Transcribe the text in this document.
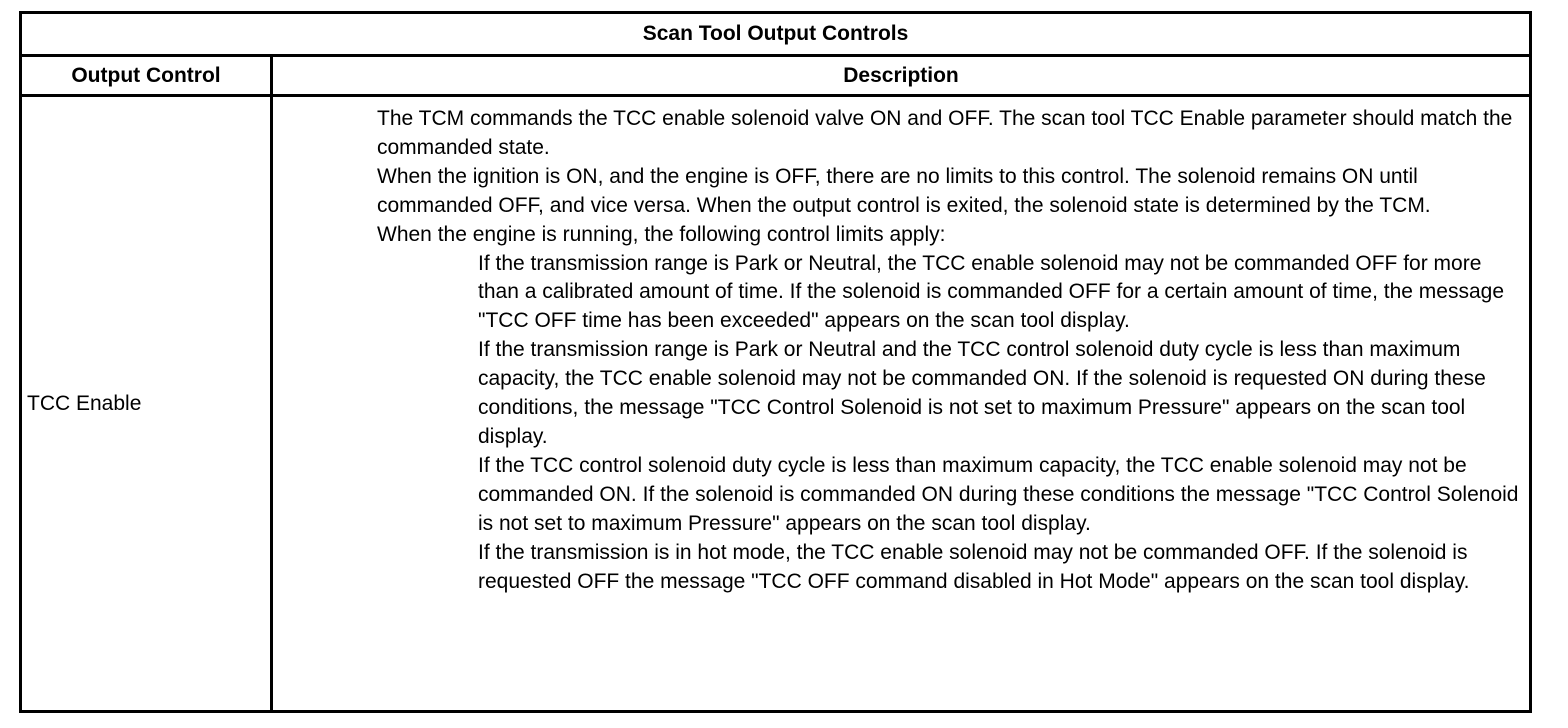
Scan Tool Output Controls
Output Control	Description
TCC Enable

The TCM commands the TCC enable solenoid valve ON and OFF. The scan tool TCC Enable parameter should match the commanded state.

When the ignition is ON, and the engine is OFF, there are no limits to this control. The solenoid remains ON until commanded OFF, and vice versa. When the output control is exited, the solenoid state is determined by the TCM.

When the engine is running, the following control limits apply:

If the transmission range is Park or Neutral, the TCC enable solenoid may not be commanded OFF for more than a calibrated amount of time. If the solenoid is commanded OFF for a certain amount of time, the message "TCC OFF time has been exceeded" appears on the scan tool display.

If the transmission range is Park or Neutral and the TCC control solenoid duty cycle is less than maximum capacity, the TCC enable solenoid may not be commanded ON. If the solenoid is requested ON during these conditions, the message "TCC Control Solenoid is not set to maximum Pressure" appears on the scan tool display.

If the TCC control solenoid duty cycle is less than maximum capacity, the TCC enable solenoid may not be commanded ON. If the solenoid is commanded ON during these conditions the message "TCC Control Solenoid is not set to maximum Pressure" appears on the scan tool display.

If the transmission is in hot mode, the TCC enable solenoid may not be commanded OFF. If the solenoid is requested OFF the message "TCC OFF command disabled in Hot Mode" appears on the scan tool display.
